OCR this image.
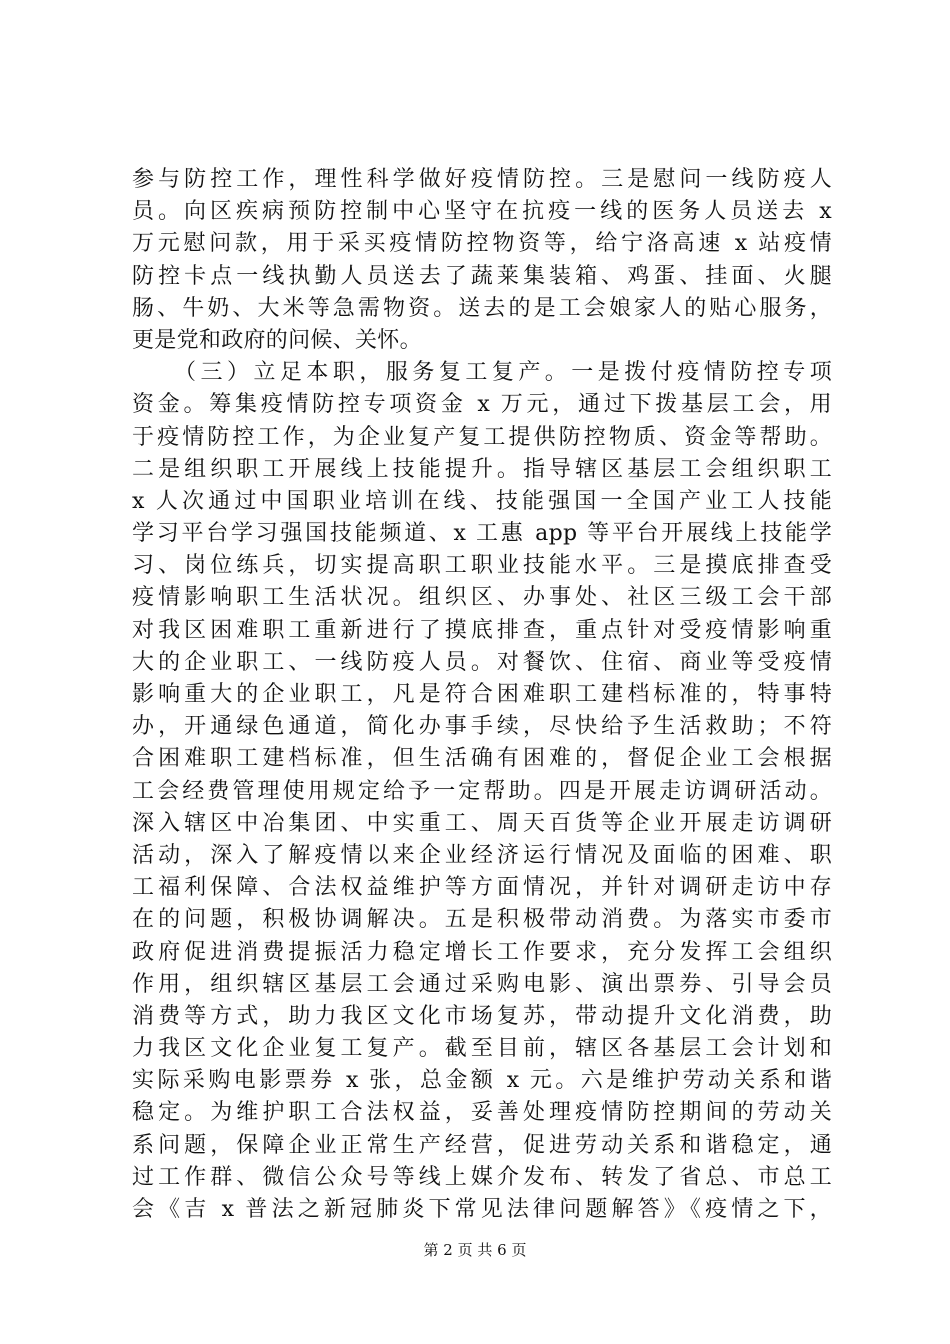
参与防控工作，理性科学做好疫情防控。三是慰问一线防疫人
员。向区疾病预防控制中心坚守在抗疫一线的医务人员送去 x
万元慰问款，用于采买疫情防控物资等，给宁洛高速 x 站疫情
防控卡点一线执勤人员送去了蔬莱集装箱、鸡蛋、挂面、火腿
肠、牛奶、大米等急需物资。送去的是工会娘家人的贴心服务，
更是党和政府的问候、关怀。
　　（三）立足本职，服务复工复产。一是拨付疫情防控专项
资金。筹集疫情防控专项资金 x 万元，通过下拨基层工会，用
于疫情防控工作，为企业复产复工提供防控物质、资金等帮助。
二是组织职工开展线上技能提升。指导辖区基层工会组织职工
x 人次通过中国职业培训在线、技能强国一全国产业工人技能
学习平台学习强国技能频道、x 工惠 app 等平台开展线上技能学
习、岗位练兵，切实提高职工职业技能水平。三是摸底排查受
疫情影响职工生活状况。组织区、办事处、社区三级工会干部
对我区困难职工重新进行了摸底排查，重点针对受疫情影响重
大的企业职工、一线防疫人员。对餐饮、住宿、商业等受疫情
影响重大的企业职工，凡是符合困难职工建档标准的，特事特
办，开通绿色通道，简化办事手续，尽快给予生活救助；不符
合困难职工建档标准，但生活确有困难的，督促企业工会根据
工会经费管理使用规定给予一定帮助。四是开展走访调研活动。
深入辖区中冶集团、中实重工、周天百货等企业开展走访调研
活动，深入了解疫情以来企业经济运行情况及面临的困难、职
工福利保障、合法权益维护等方面情况，并针对调研走访中存
在的问题，积极协调解决。五是积极带动消费。为落实市委市
政府促进消费提振活力稳定增长工作要求，充分发挥工会组织
作用，组织辖区基层工会通过采购电影、演出票券、引导会员
消费等方式，助力我区文化市场复苏，带动提升文化消费，助
力我区文化企业复工复产。截至目前，辖区各基层工会计划和
实际采购电影票券 x 张，总金额 x 元。六是维护劳动关系和谐
稳定。为维护职工合法权益，妥善处理疫情防控期间的劳动关
系问题，保障企业正常生产经营，促进劳动关系和谐稳定，通
过工作群、微信公众号等线上媒介发布、转发了省总、市总工
会《吉 x 普法之新冠肺炎下常见法律问题解答》《疫情之下，
第 2 页 共 6 页
